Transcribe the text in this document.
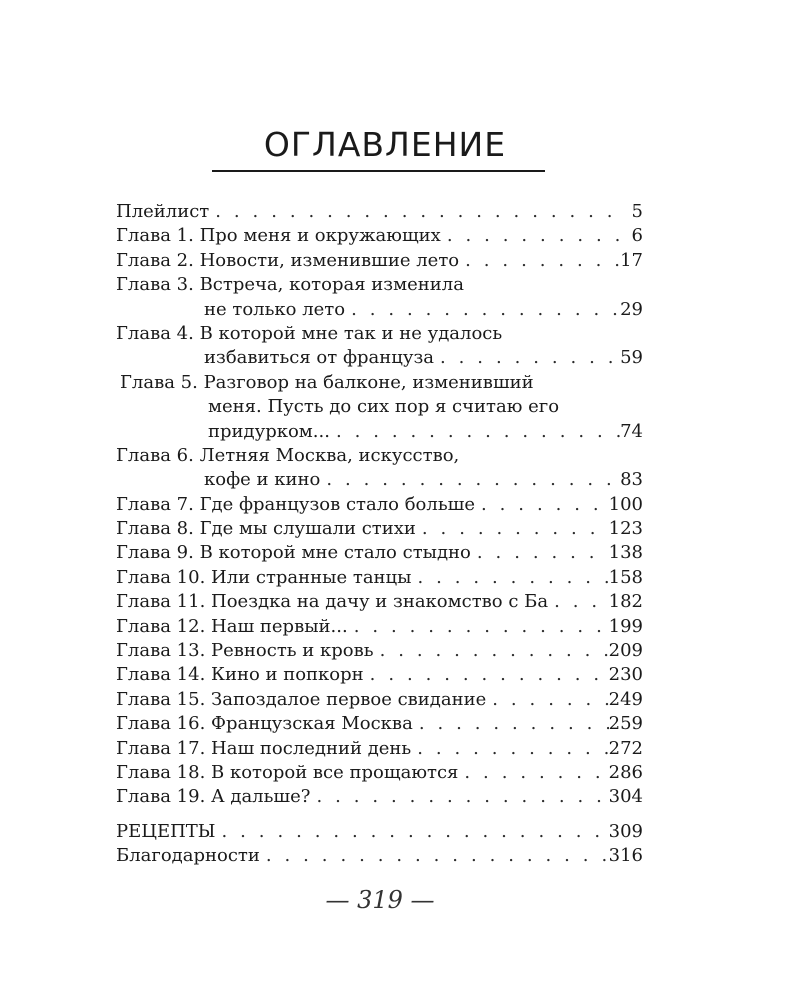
ОГЛАВЛЕНИЕ
Плейлист . . .	5
Глава 1. Про меня и окружающих . . .	6
Глава 2. Новости, изменившие лето . . .	17
Глава 3. Встреча, которая изменила
не только лето . . .	29
Глава 4. В которой мне так и не удалось
избавиться от француза . . .	59
Глава 5. Разговор на балконе, изменивший
меня. Пусть до сих пор я считаю его
придурком... . . .	74
Глава 6. Летняя Москва, искусство,
кофе и кино . . .	83
Глава 7. Где французов стало больше . . .	100
Глава 8. Где мы слушали стихи . . .	123
Глава 9. В которой мне стало стыдно . . .	138
Глава 10. Или странные танцы . . .	158
Глава 11. Поездка на дачу и знакомство с Ба . . .	182
Глава 12. Наш первый... . . .	199
Глава 13. Ревность и кровь . . .	209
Глава 14. Кино и попкорн . . .	230
Глава 15. Запоздалое первое свидание . . .	249
Глава 16. Французская Москва . . .	259
Глава 17. Наш последний день . . .	272
Глава 18. В которой все прощаются . . .	286
Глава 19. А дальше? . . .	304
РЕЦЕПТЫ . . .	309
Благодарности . . .	316
— 319 —
